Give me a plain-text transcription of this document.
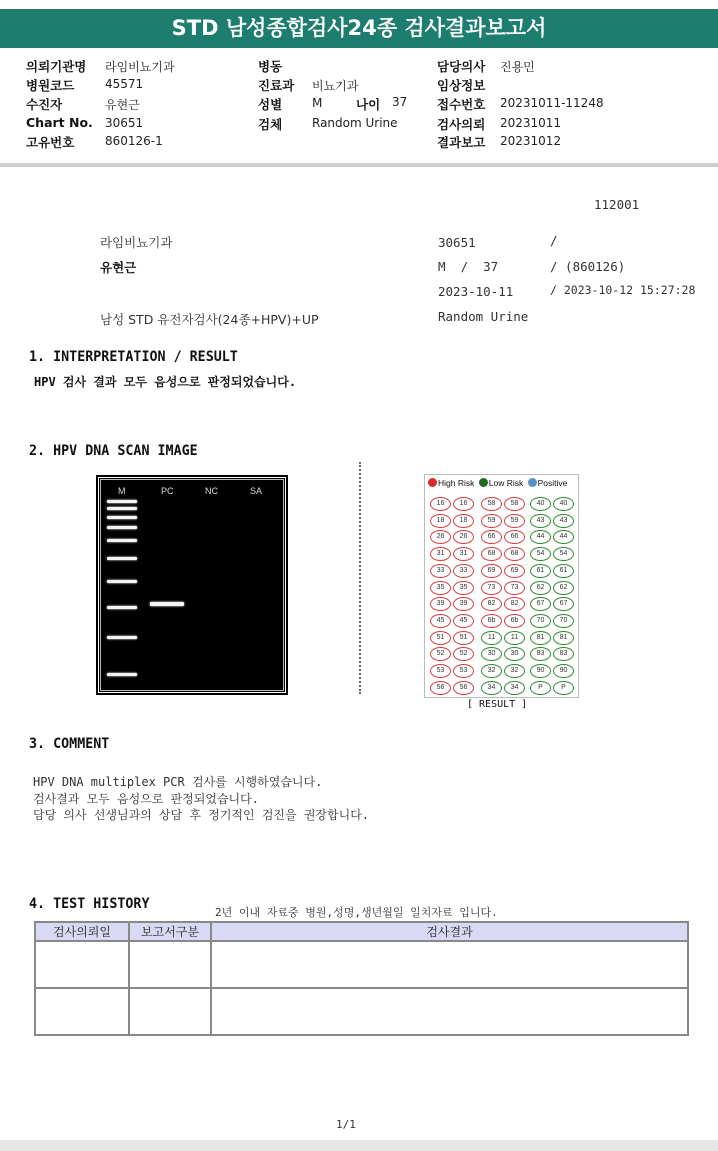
STD 남성종합검사24종 검사결과보고서
의뢰기관명 라임비뇨기과
병원코드	45571
수진자	유현근
Chart No. 30651
고유번호	860126-1
병동
진료과 비뇨기과
성별 M
검체 Random Urine
담당의사 진용민
임상정보
접수번호 20231011-11248
검사의뢰 20231011
결과보고 20231012
나이 37
112001
라임비뇨기과
유현근
남성 STD 유전자검사(24종+HPV)+UP
30651	/
M  /  37	/ (860126)
2023-10-11	/ 2023-10-12 15:27:28
Random Urine
1. INTERPRETATION / RESULT
HPV 검사 결과 모두 음성으로 판정되었습니다.
2. HPV DNA SCAN IMAGE
M	PC	NC	SA
High Risk Low Risk Positive
16	16
18	18
26	26
31	31
33	33
35	35
39	39
45	45
51	51
52	52
53	53
56	56
58	58
59	59
66	66
68	68
69	69
73	73
82	82
6b	6b
11	11
30	30
32	32
34	34
40	40
43	43
44	44
54	54
61	61
62	62
67	67
70	70
81	81
83	83
90	90
P	P
[ RESULT ]
3. COMMENT
HPV DNA multiplex PCR 검사를 시행하였습니다.
검사결과 모두 음성으로 판정되었습니다.
담당 의사 선생님과의 상담 후 정기적인 검진을 권장합니다.
4. TEST HISTORY
2년 이내 자료중 병원,성명,생년월일 일치자료 입니다.
검사의뢰일	보고서구분	검사결과

1/1
